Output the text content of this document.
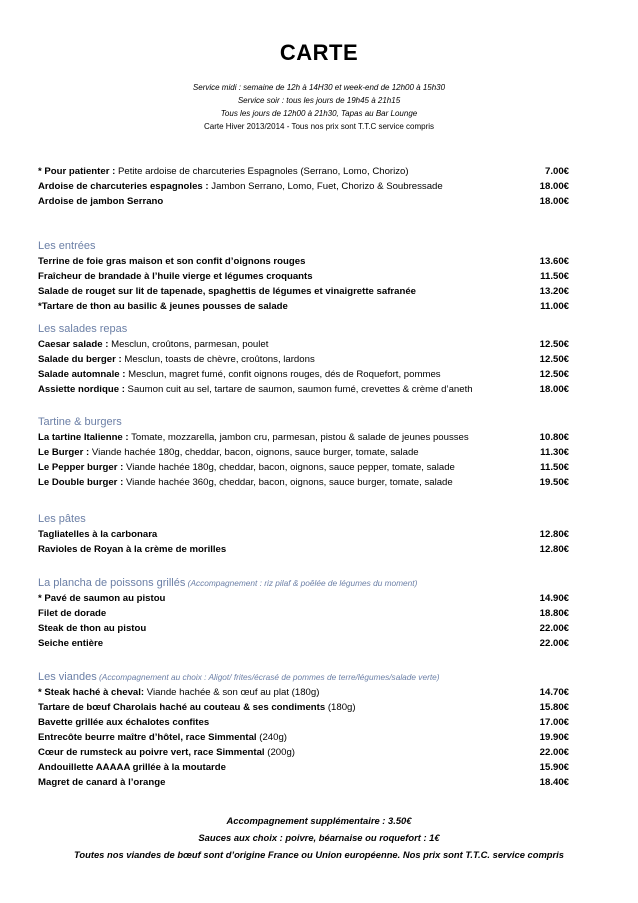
CARTE
Service midi : semaine de 12h à 14H30 et week-end de 12h00 à 15h30
Service soir : tous les jours de 19h45 à 21h15
Tous les jours de 12h00 à 21h30, Tapas au Bar Lounge
Carte Hiver 2013/2014 - Tous nos prix sont T.T.C service compris
* Pour patienter : Petite ardoise de charcuteries Espagnoles (Serrano, Lomo, Chorizo)	7.00€
Ardoise de charcuteries espagnoles : Jambon Serrano, Lomo, Fuet, Chorizo & Soubressade	18.00€
Ardoise de jambon Serrano	18.00€
Les entrées
Terrine de foie gras maison et son confit d’oignons rouges	13.60€
Fraîcheur de brandade à l’huile vierge et légumes croquants	11.50€
Salade de rouget sur lit de tapenade, spaghettis de légumes et vinaigrette safranée	13.20€
*Tartare de thon au basilic & jeunes pousses de salade	11.00€
Les salades repas
Caesar salade : Mesclun, croûtons, parmesan, poulet	12.50€
Salade du berger : Mesclun, toasts de chèvre, croûtons, lardons	12.50€
Salade automnale : Mesclun, magret fumé, confit oignons rouges, dés de Roquefort, pommes	12.50€
Assiette nordique : Saumon cuit au sel, tartare de saumon, saumon fumé, crevettes & crème d’aneth	18.00€
Tartine & burgers
La tartine Italienne : Tomate, mozzarella, jambon cru, parmesan, pistou & salade de jeunes pousses	10.80€
Le Burger : Viande hachée 180g, cheddar, bacon, oignons, sauce burger, tomate, salade	11.30€
Le Pepper burger : Viande hachée 180g, cheddar, bacon, oignons, sauce pepper, tomate, salade	11.50€
Le Double burger : Viande hachée 360g, cheddar, bacon, oignons, sauce burger, tomate, salade	19.50€
Les pâtes
Tagliatelles à la carbonara	12.80€
Ravioles de Royan à la crème de morilles	12.80€
La plancha de poissons grillés (Accompagnement : riz pilaf & poêlée de légumes du moment)
* Pavé de saumon au pistou	14.90€
Filet de dorade	18.80€
Steak de thon au pistou	22.00€
Seiche entière	22.00€
Les viandes (Accompagnement au choix : Aligot/ frites/écrasé de pommes de terre/légumes/salade verte)
* Steak haché à cheval: Viande hachée & son œuf au plat (180g)	14.70€
Tartare de bœuf Charolais haché au couteau & ses condiments (180g)	15.80€
Bavette grillée aux échalotes confites	17.00€
Entrecôte beurre maître d’hôtel, race Simmental (240g)	19.90€
Cœur de rumsteck au poivre vert, race Simmental (200g)	22.00€
Andouillette AAAAA grillée à la moutarde	15.90€
Magret de canard à l’orange	18.40€
Accompagnement supplémentaire : 3.50€
Sauces aux choix : poivre, béarnaise ou roquefort : 1€
Toutes nos viandes de bœuf sont d’origine France ou Union européenne. Nos prix sont T.T.C. service compris
